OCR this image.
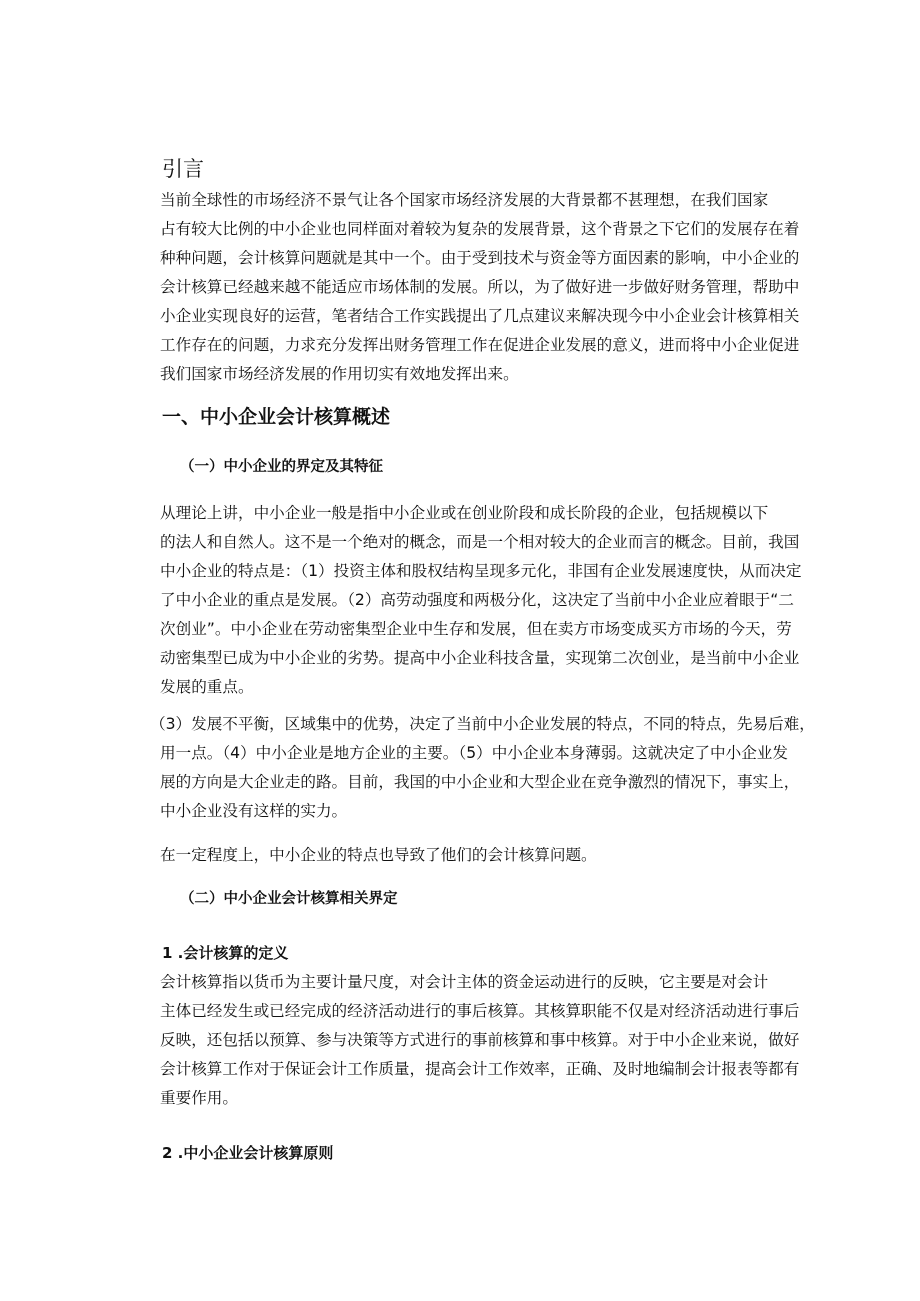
引言
当前全球性的市场经济不景气让各个国家市场经济发展的大背景都不甚理想，在我们国家
占有较大比例的中小企业也同样面对着较为复杂的发展背景，这个背景之下它们的发展存在着
种种问题，会计核算问题就是其中一个。由于受到技术与资金等方面因素的影响，中小企业的
会计核算已经越来越不能适应市场体制的发展。所以，为了做好进一步做好财务管理，帮助中
小企业实现良好的运营，笔者结合工作实践提出了几点建议来解决现今中小企业会计核算相关
工作存在的问题，力求充分发挥出财务管理工作在促进企业发展的意义，进而将中小企业促进
我们国家市场经济发展的作用切实有效地发挥出来。
一、中小企业会计核算概述
（一）中小企业的界定及其特征
从理论上讲，中小企业一般是指中小企业或在创业阶段和成长阶段的企业，包括规模以下
的法人和自然人。这不是一个绝对的概念，而是一个相对较大的企业而言的概念。目前，我国
中小企业的特点是：（1）投资主体和股权结构呈现多元化，非国有企业发展速度快，从而决定
了中小企业的重点是发展。（2）高劳动强度和两极分化，这决定了当前中小企业应着眼于“二
次创业”。中小企业在劳动密集型企业中生存和发展，但在卖方市场变成买方市场的今天，劳
动密集型已成为中小企业的劣势。提高中小企业科技含量，实现第二次创业，是当前中小企业
发展的重点。
（3）发展不平衡，区域集中的优势，决定了当前中小企业发展的特点，不同的特点，先易后难，
用一点。（4）中小企业是地方企业的主要。（5）中小企业本身薄弱。这就决定了中小企业发
展的方向是大企业走的路。目前，我国的中小企业和大型企业在竞争激烈的情况下，事实上，
中小企业没有这样的实力。
在一定程度上，中小企业的特点也导致了他们的会计核算问题。
（二）中小企业会计核算相关界定
1 .会计核算的定义
会计核算指以货币为主要计量尺度，对会计主体的资金运动进行的反映，它主要是对会计
主体已经发生或已经完成的经济活动进行的事后核算。其核算职能不仅是对经济活动进行事后
反映，还包括以预算、参与决策等方式进行的事前核算和事中核算。对于中小企业来说，做好
会计核算工作对于保证会计工作质量，提高会计工作效率，正确、及时地编制会计报表等都有
重要作用。
2 .中小企业会计核算原则
